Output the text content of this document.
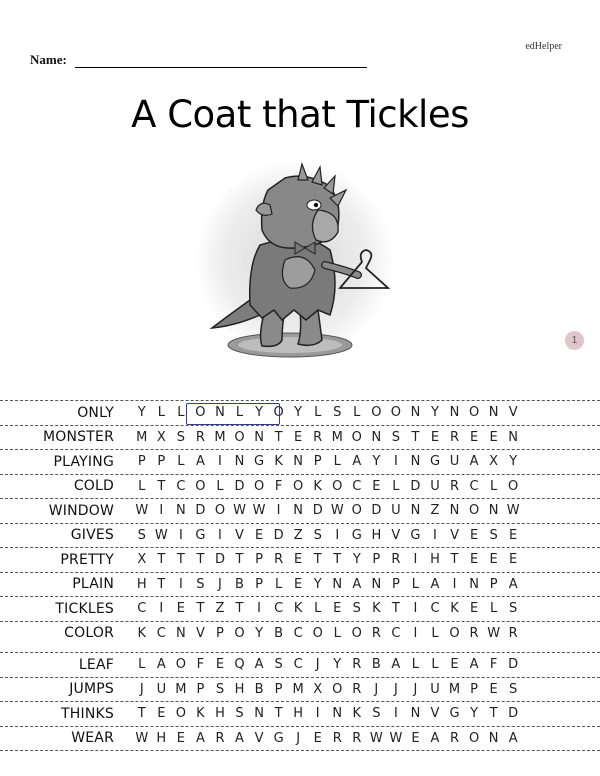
edHelper
Name:
A Coat that Tickles
1
ONLY	Y L L O N L Y O Y L S L O O N Y N O N V
MONSTER	M X S R M O N T E R M O N S T E R E E N
PLAYING	P P L A	I N G K N P L A Y	I N G U A X Y
COLD	L T C O L D O F O K O C E L D U R C L O
WINDOW W I N D O W W I N D W O D U N Z N O N W
GIVES	S W I G I	V E D Z S	I G H V G I	V E S E
PRETTY	X T T T D T P R E T T Y P R	I H T E E E
PLAIN	H T	I	S	J	B P L E Y N A N P L A	I N P A
TICKLES	C	I	E T Z T	I	C K L E S K T	I	C K E L S
COLOR	K C N V P O Y B C O L O R C	I	L O R W R
LEAF	L A O F E Q A S C	J	Y R B A L L E A F D
JUMPS	J U M P S H B P M X O R	J	J	J U M P E S
THINKS	T E O K H S N T H I N K S	I N V G Y T D
WEAR W H E A R A V G J	E R R W W E A R O N A
